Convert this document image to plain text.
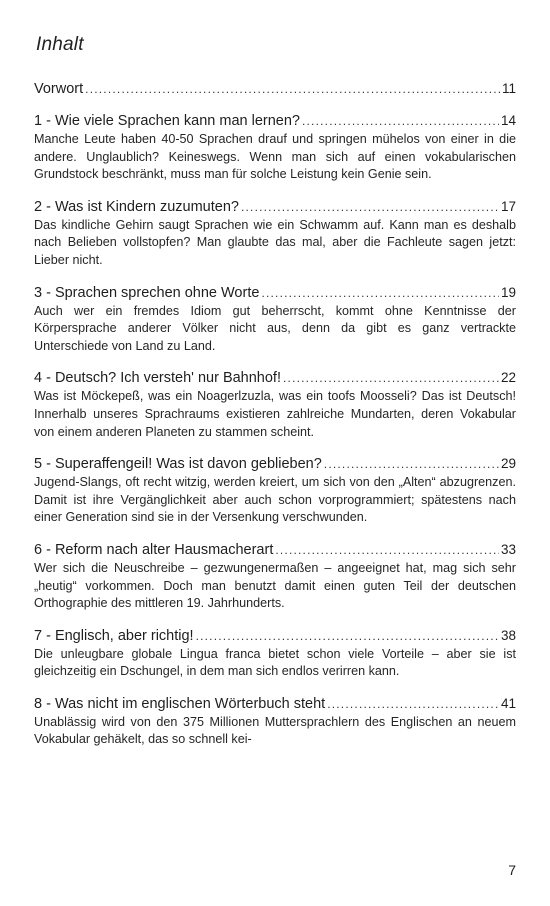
Inhalt
Vorwort .....	11
1 - Wie viele Sprachen kann man lernen? .....	14

Manche Leute haben 40-50 Sprachen drauf und springen mühelos von einer in die andere. Unglaublich? Keineswegs. Wenn man sich auf einen vokabularischen Grundstock beschränkt, muss man für solche Leistung kein Genie sein.

2 - Was ist Kindern zuzumuten? .....	17

Das kindliche Gehirn saugt Sprachen wie ein Schwamm auf. Kann man es deshalb nach Belieben vollstopfen? Man glaubte das mal, aber die Fachleute sagen jetzt: Lieber nicht.

3 - Sprachen sprechen ohne Worte .....	19

Auch wer ein fremdes Idiom gut beherrscht, kommt ohne Kenntnisse der Körpersprache anderer Völker nicht aus, denn da gibt es ganz vertrackte Unterschiede von Land zu Land.

4 - Deutsch? Ich versteh' nur Bahnhof! .....	22

Was ist Möckepeß, was ein Noagerlzuzla, was ein toofs Moosseli? Das ist Deutsch! Innerhalb unseres Sprachraums existieren zahlreiche Mundarten, deren Vokabular von einem anderen Planeten zu stammen scheint.

5 - Superaffengeil! Was ist davon geblieben? .....	29

Jugend-Slangs, oft recht witzig, werden kreiert, um sich von den „Alten“ abzugrenzen. Damit ist ihre Vergänglichkeit aber auch schon vorprogrammiert; spätestens nach einer Generation sind sie in der Versenkung verschwunden.

6 - Reform nach alter Hausmacherart .....	33

Wer sich die Neuschreibe – gezwungenermaßen – angeeignet hat, mag sich sehr „heutig“ vorkommen. Doch man benutzt damit einen guten Teil der deutschen Orthographie des mittleren 19. Jahrhunderts.

7 - Englisch, aber richtig! .....	38

Die unleugbare globale Lingua franca bietet schon viele Vorteile – aber sie ist gleichzeitig ein Dschungel, in dem man sich endlos verirren kann.

8 - Was nicht im englischen Wörterbuch steht .....	41

Unablässig wird von den 375 Millionen Muttersprachlern des Englischen an neuem Vokabular gehäkelt, das so schnell kei-

7
